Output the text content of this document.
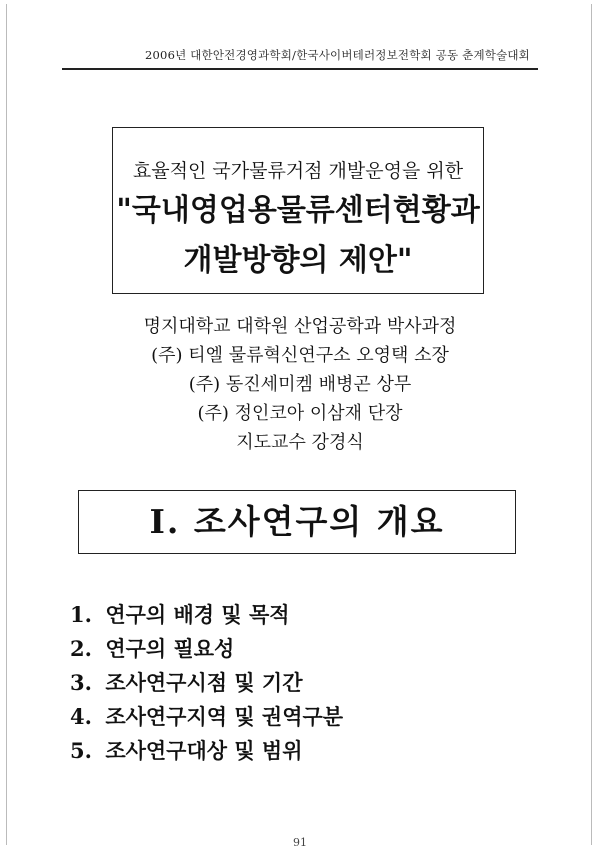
2006년 대한안전경영과학회/한국사이버테러정보전학회 공동 춘계학술대회
효율적인 국가물류거점 개발운영을 위한
"국내영업용물류센터현황과
개발방향의 제안"
명지대학교 대학원 산업공학과 박사과정
(주) 티엘 물류혁신연구소 오영택 소장
(주) 동진세미켐 배병곤 상무
(주) 정인코아 이삼재 단장
지도교수 강경식
I. 조사연구의 개요
1. 연구의 배경 및 목적
2. 연구의 필요성
3. 조사연구시점 및 기간
4. 조사연구지역 및 권역구분
5. 조사연구대상 및 범위
91
